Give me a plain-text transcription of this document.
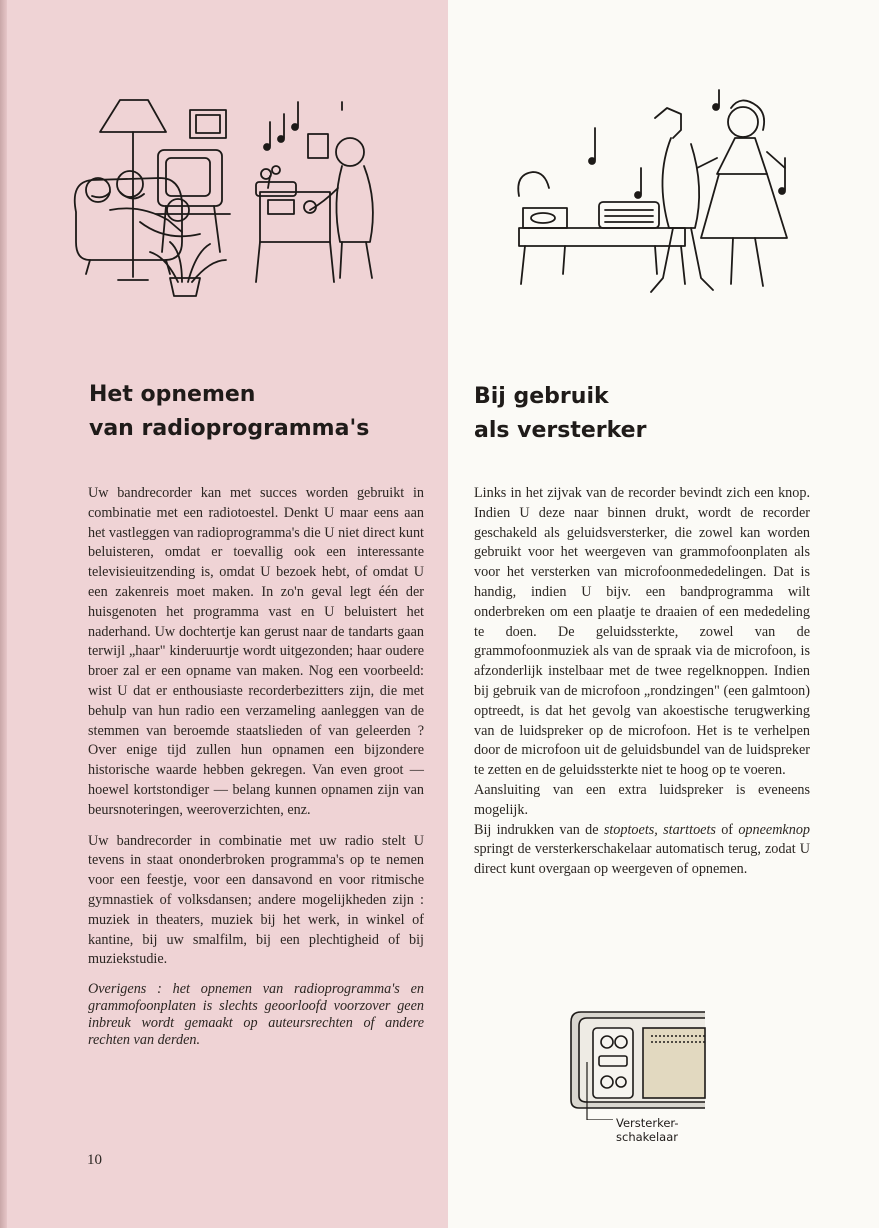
Het opnemen
van radioprogramma's
Bij gebruik
als versterker

Uw bandrecorder kan met succes worden gebruikt in combinatie met een radiotoestel. Denkt U maar eens aan het vastleggen van radioprogramma's die U niet direct kunt beluisteren, omdat er toevallig ook een interessante televisieuitzending is, omdat U bezoek hebt, of omdat U een zakenreis moet maken. In zo'n geval legt één der huisgenoten het programma vast en U beluistert het naderhand. Uw dochtertje kan gerust naar de tandarts gaan terwijl „haar" kinderuurtje wordt uitgezonden; haar oudere broer zal er een opname van maken. Nog een voorbeeld: wist U dat er enthousiaste recorderbezitters zijn, die met behulp van hun radio een verzameling aanleggen van de stemmen van beroemde staatslieden of van geleerden ? Over enige tijd zullen hun opnamen een bijzondere historische waarde hebben gekregen. Van even groot — hoewel kortstondiger — belang kunnen opnamen zijn van beursnoteringen, weeroverzichten, enz.

Uw bandrecorder in combinatie met uw radio stelt U tevens in staat ononderbroken programma's op te nemen voor een feestje, voor een dansavond en voor ritmische gymnastiek of volksdansen; andere mogelijkheden zijn : muziek in theaters, muziek bij het werk, in winkel of kantine, bij uw smalfilm, bij een plechtigheid of bij muziekstudie.

Overigens : het opnemen van radioprogramma's en grammofoonplaten is slechts geoorloofd voorzover geen inbreuk wordt gemaakt op auteursrechten of andere rechten van derden.

10

Links in het zijvak van de recorder bevindt zich een knop. Indien U deze naar binnen drukt, wordt de recorder geschakeld als geluidsversterker, die zowel kan worden gebruikt voor het weergeven van grammofoonplaten als voor het versterken van microfoonmededelingen. Dat is handig, indien U bijv. een bandprogramma wilt onderbreken om een plaatje te draaien of een mededeling te doen. De geluidssterkte, zowel van de grammofoonmuziek als van de spraak via de microfoon, is afzonderlijk instelbaar met de twee regelknoppen. Indien bij gebruik van de microfoon „rondzingen" (een galmtoon) optreedt, is dat het gevolg van akoestische terugwerking van de luidspreker op de microfoon. Het is te verhelpen door de microfoon uit de geluidsbundel van de luidspreker te zetten en de geluidssterkte niet te hoog op te voeren.

Aansluiting van een extra luidspreker is eveneens mogelijk.

Bij indrukken van de stoptoets, starttoets of opneemknop springt de versterkerschakelaar automatisch terug, zodat U direct kunt overgaan op weergeven of opnemen.

Versterker-
schakelaar
